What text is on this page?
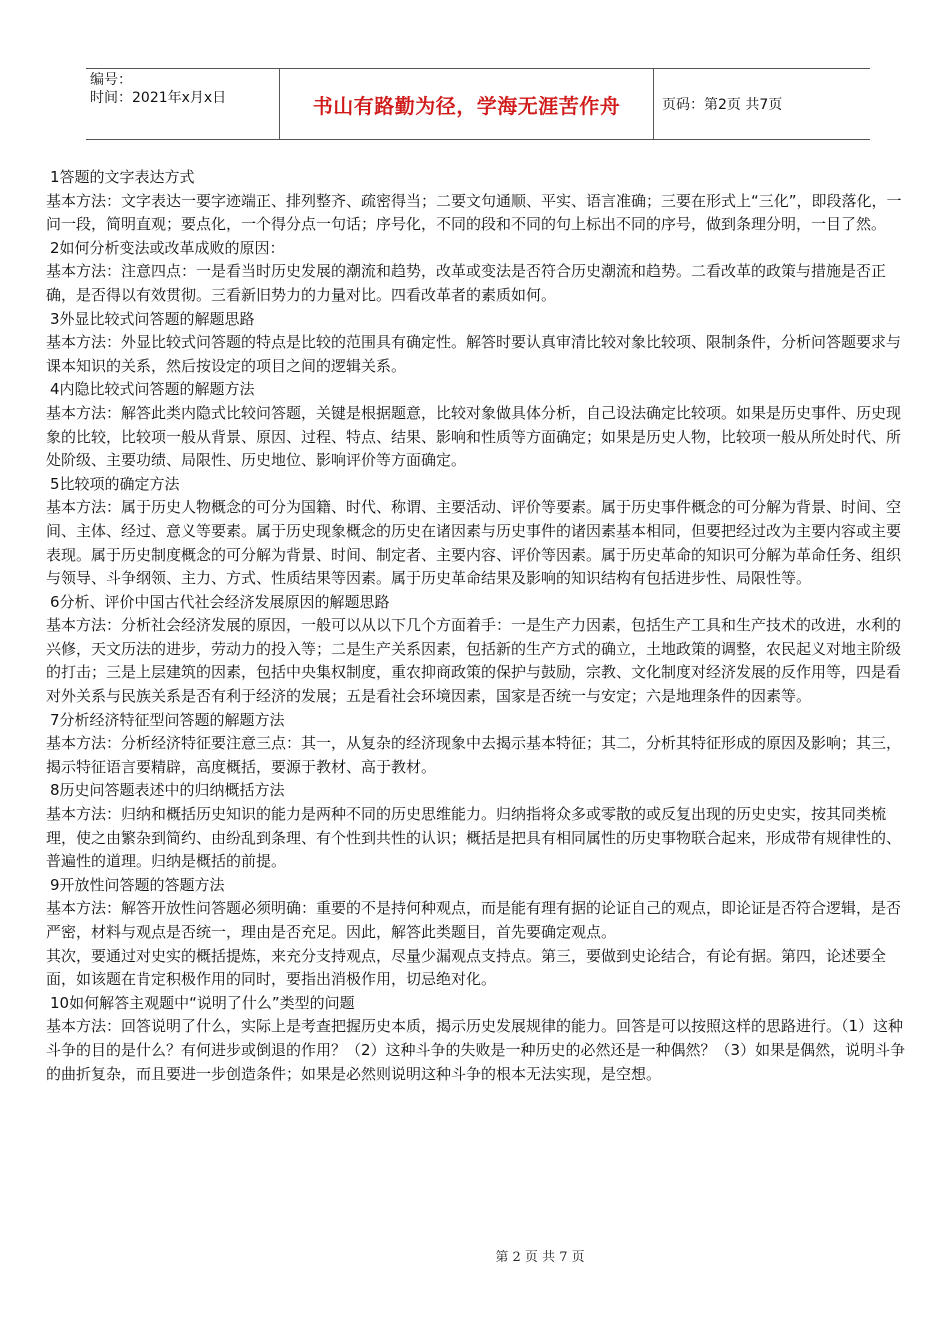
编号：
时间：2021年x月x日	书山有路勤为径，学海无涯苦作舟	页码：第2页 共7页

1答题的文字表达方式

基本方法：文字表达一要字迹端正、排列整齐、疏密得当；二要文句通顺、平实、语言准确；三要在形式上“三化”，即段落化，一问一段，简明直观；要点化，一个得分点一句话；序号化，不同的段和不同的句上标出不同的序号，做到条理分明，一目了然。

2如何分析变法或改革成败的原因：

基本方法：注意四点：一是看当时历史发展的潮流和趋势，改革或变法是否符合历史潮流和趋势。二看改革的政策与措施是否正确，是否得以有效贯彻。三看新旧势力的力量对比。四看改革者的素质如何。

3外显比较式问答题的解题思路

基本方法：外显比较式问答题的特点是比较的范围具有确定性。解答时要认真审清比较对象比较项、限制条件，分析问答题要求与课本知识的关系，然后按设定的项目之间的逻辑关系。

4内隐比较式问答题的解题方法

基本方法：解答此类内隐式比较问答题，关键是根据题意，比较对象做具体分析，自己设法确定比较项。如果是历史事件、历史现象的比较，比较项一般从背景、原因、过程、特点、结果、影响和性质等方面确定；如果是历史人物，比较项一般从所处时代、所处阶级、主要功绩、局限性、历史地位、影响评价等方面确定。

5比较项的确定方法

基本方法：属于历史人物概念的可分为国籍、时代、称谓、主要活动、评价等要素。属于历史事件概念的可分解为背景、时间、空间、主体、经过、意义等要素。属于历史现象概念的历史在诸因素与历史事件的诸因素基本相同，但要把经过改为主要内容或主要表现。属于历史制度概念的可分解为背景、时间、制定者、主要内容、评价等因素。属于历史革命的知识可分解为革命任务、组织与领导、斗争纲领、主力、方式、性质结果等因素。属于历史革命结果及影响的知识结构有包括进步性、局限性等。

6分析、评价中国古代社会经济发展原因的解题思路

基本方法：分析社会经济发展的原因，一般可以从以下几个方面着手：一是生产力因素，包括生产工具和生产技术的改进，水利的兴修，天文历法的进步，劳动力的投入等；二是生产关系因素，包括新的生产方式的确立，土地政策的调整，农民起义对地主阶级的打击；三是上层建筑的因素，包括中央集权制度，重农抑商政策的保护与鼓励，宗教、文化制度对经济发展的反作用等，四是看对外关系与民族关系是否有利于经济的发展；五是看社会环境因素，国家是否统一与安定；六是地理条件的因素等。

7分析经济特征型问答题的解题方法

基本方法：分析经济特征要注意三点：其一，从复杂的经济现象中去揭示基本特征；其二，分析其特征形成的原因及影响；其三，揭示特征语言要精辟，高度概括，要源于教材、高于教材。

8历史问答题表述中的归纳概括方法

基本方法：归纳和概括历史知识的能力是两种不同的历史思维能力。归纳指将众多或零散的或反复出现的历史史实，按其同类梳理，使之由繁杂到简约、由纷乱到条理、有个性到共性的认识；概括是把具有相同属性的历史事物联合起来，形成带有规律性的、普遍性的道理。归纳是概括的前提。

9开放性问答题的答题方法

基本方法：解答开放性问答题必须明确：重要的不是持何种观点，而是能有理有据的论证自己的观点，即论证是否符合逻辑，是否严密，材料与观点是否统一，理由是否充足。因此，解答此类题目，首先要确定观点。

其次，要通过对史实的概括提炼，来充分支持观点，尽量少漏观点支持点。第三，要做到史论结合，有论有据。第四，论述要全面，如该题在肯定积极作用的同时，要指出消极作用，切忌绝对化。

10如何解答主观题中“说明了什么”类型的问题

基本方法：回答说明了什么，实际上是考查把握历史本质，揭示历史发展规律的能力。回答是可以按照这样的思路进行。（1）这种斗争的目的是什么？有何进步或倒退的作用？（2）这种斗争的失败是一种历史的必然还是一种偶然？（3）如果是偶然，说明斗争的曲折复杂，而且要进一步创造条件；如果是必然则说明这种斗争的根本无法实现，是空想。

第 2 页 共 7 页
